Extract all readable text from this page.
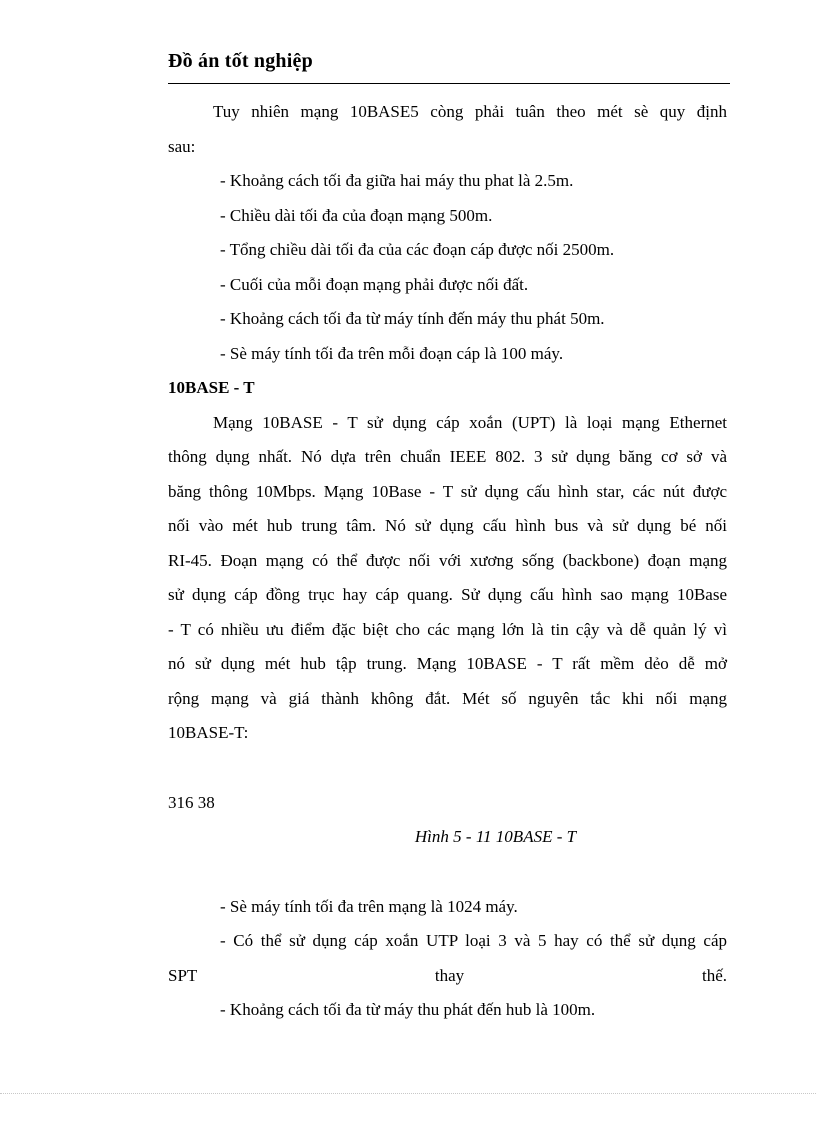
Đồ án tốt nghiệp
Tuy nhiên mạng 10BASE5 còng phải tuân theo mét sè quy định
sau:
- Khoảng cách tối đa giữa hai máy thu phat là 2.5m.
- Chiều dài tối đa của đoạn mạng 500m.
- Tổng chiều dài tối đa của các đoạn cáp được nối 2500m.
- Cuối của mỗi đoạn mạng phải được nối đất.
- Khoảng cách tối đa từ máy tính đến máy thu phát 50m.
- Sè máy tính tối đa trên mỗi đoạn cáp là 100 máy.
10BASE - T
Mạng 10BASE - T sử dụng cáp xoắn (UPT) là loại mạng Ethernet
thông dụng nhất. Nó dựa trên chuẩn IEEE 802. 3 sử dụng băng cơ sở và
băng thông 10Mbps. Mạng 10Base - T sử dụng cấu hình star, các nút được
nối vào mét hub trung tâm. Nó sử dụng cấu hình bus và sử dụng bé nối
RI-45. Đoạn mạng có thể được nối với xương sống (backbone) đoạn mạng
sử dụng cáp đồng trục hay cáp quang. Sử dụng cấu hình sao mạng 10Base
- T có nhiều ưu điểm đặc biệt cho các mạng lớn là tin cậy và dễ quản lý vì
nó sử dụng mét hub tập trung. Mạng 10BASE - T rất mềm dẻo dễ mở
rộng mạng và giá thành không đắt. Mét số nguyên tắc khi nối mạng
10BASE-T:
316 38
Hình 5 - 11 10BASE - T
- Sè máy tính tối đa trên mạng là 1024 máy.
- Có thể sử dụng cáp xoắn UTP loại 3 và 5 hay có thể sử dụng cáp
SPT	thay	thế.
- Khoảng cách tối đa từ máy thu phát đến hub là 100m.
